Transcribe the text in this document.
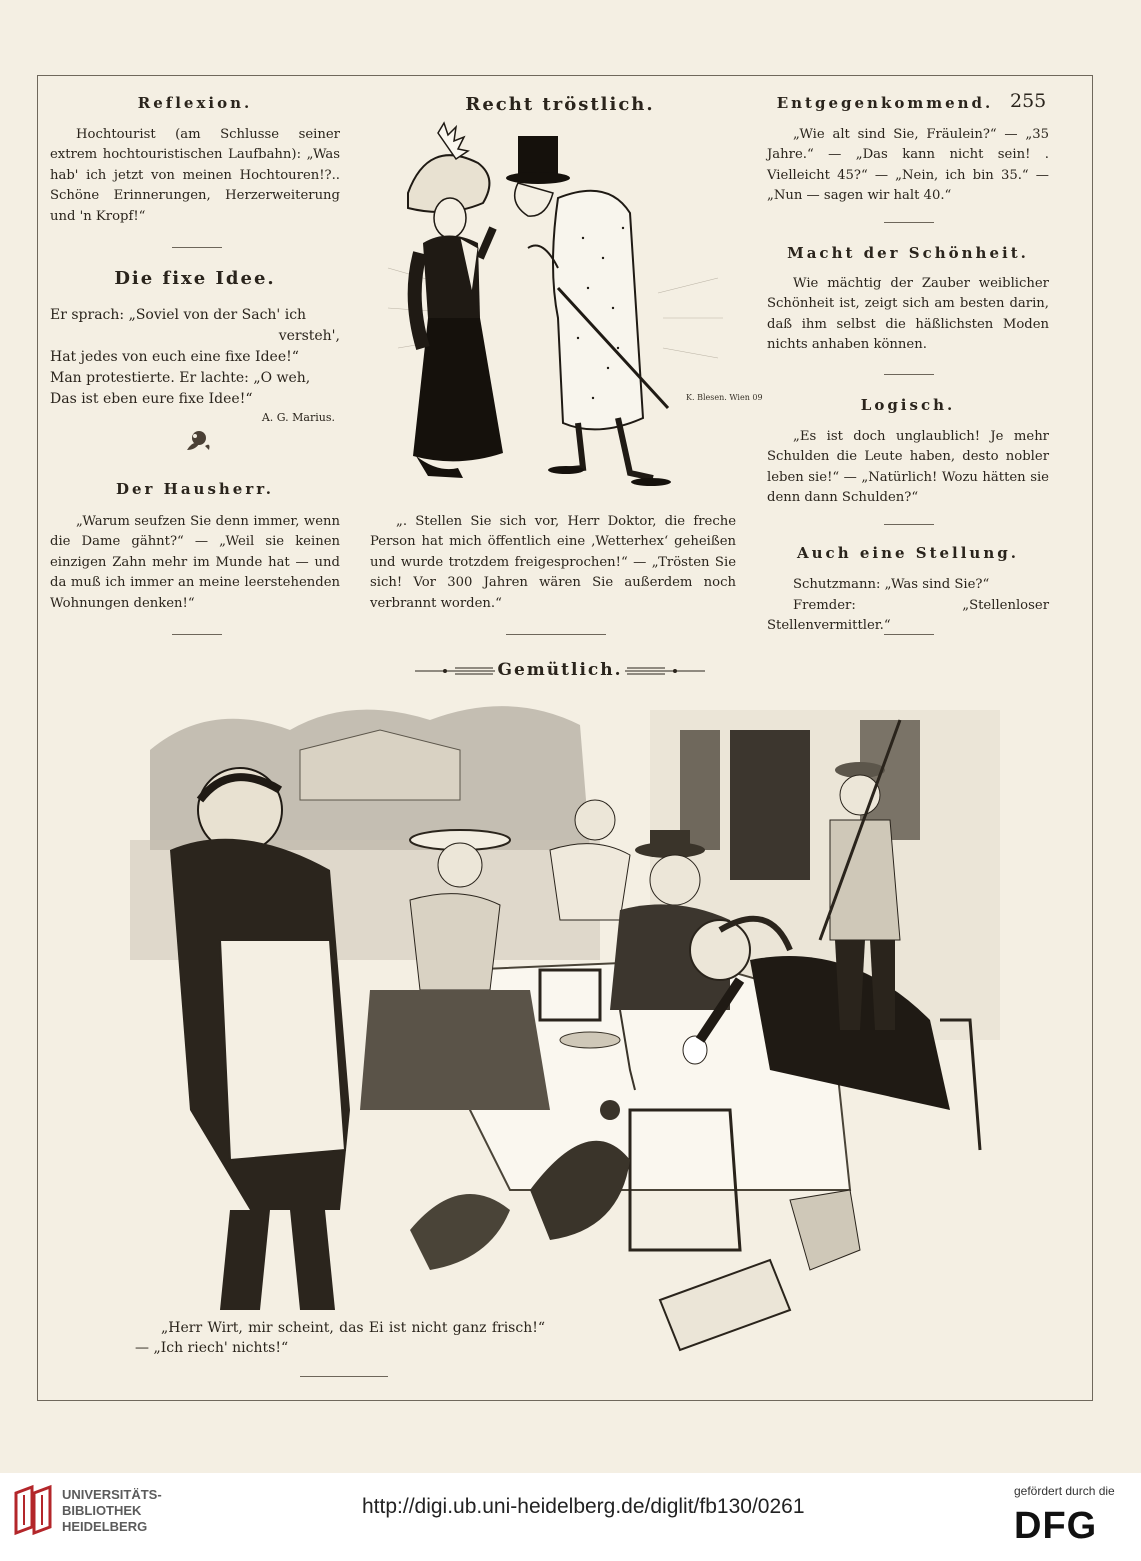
Reflexion.
Hochtourist (am Schlusse seiner extrem hochtouristischen Laufbahn): „Was hab' ich jetzt von meinen Hochtouren!?.. Schöne Erinnerungen, Herzerweiterung und 'n Kropf!“
Die fixe Idee.

Er sprach: „Soviel von der Sach' ich

versteh',

Hat jedes von euch eine fixe Idee!“

Man protestierte. Er lachte: „O weh,

Das ist eben eure fixe Idee!“

A. G. Marius.
Der Hausherr.
„Warum seufzen Sie denn immer, wenn die Dame gähnt?“ — „Weil sie keinen einzigen Zahn mehr im Munde hat — und da muß ich immer an meine leerstehenden Wohnungen denken!“
Recht tröstlich.
K. Blesen. Wien 09
„. Stellen Sie sich vor, Herr Doktor, die freche Person hat mich öffentlich eine ‚Wetterhex‘ geheißen und wurde trotzdem freigesprochen!“ — „Trösten Sie sich! Vor 300 Jahren wären Sie außerdem noch verbrannt worden.“
Entgegenkommend. 255
„Wie alt sind Sie, Fräulein?“ — „35 Jahre.“ — „Das kann nicht sein! . Vielleicht 45?“ — „Nein, ich bin 35.“ — „Nun — sagen wir halt 40.“
Macht der Schönheit.
Wie mächtig der Zauber weiblicher Schönheit ist, zeigt sich am besten darin, daß ihm selbst die häßlichsten Moden nichts anhaben können.
Logisch.
„Es ist doch unglaublich! Je mehr Schulden die Leute haben, desto nobler leben sie!“ — „Natürlich! Wozu hätten sie denn dann Schulden?“
Auch eine Stellung.
Schutzmann: „Was sind Sie?“
Fremder: „Stellenloser Stellenvermittler.“
Gemütlich.
„Herr Wirt, mir scheint, das Ei ist nicht ganz frisch!“ — „Ich riech' nichts!“
UNIVERSITÄTS-
BIBLIOTHEK
HEIDELBERG
http://digi.ub.uni-heidelberg.de/diglit/fb130/0261
gefördert durch die
DFG
